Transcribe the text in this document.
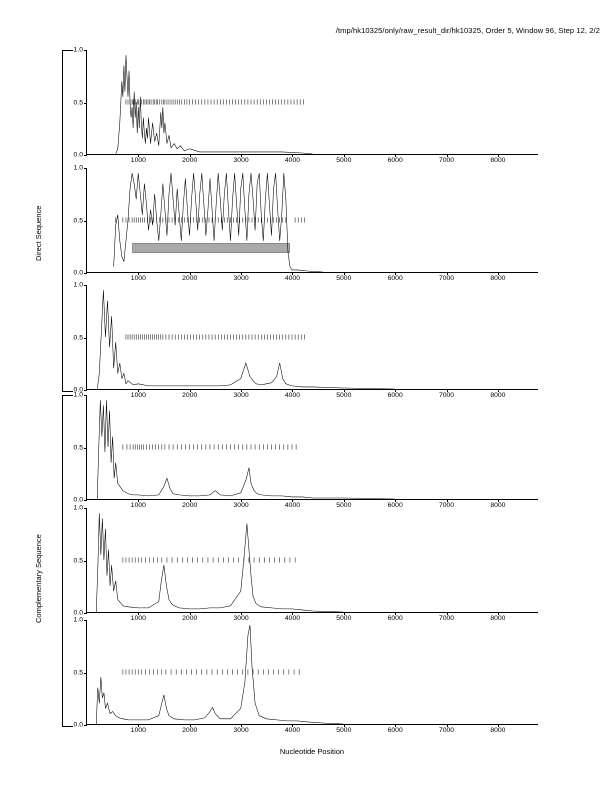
/tmp/hk10325/only/raw_result_dir/hk10325, Order 5, Window 96, Step 12, 2/2
Direct Sequence
Complementary Sequence
0.0
0.5
1.0
1000	2000	3000	4000	5000	6000	7000	8000
0.0
0.5
1.0
1000	2000	3000	4000	5000	6000	7000	8000
0.0
0.5
1.0
1000	2000	3000	4000	5000	6000	7000	8000
0.0
0.5
1.0
1000	2000	3000	4000	5000	6000	7000	8000
0.0
0.5
1.0
1000	2000	3000	4000	5000	6000	7000	8000
0.0
0.5
1.0
1000	2000	3000	4000	5000	6000	7000	8000
Nucleotide Position
